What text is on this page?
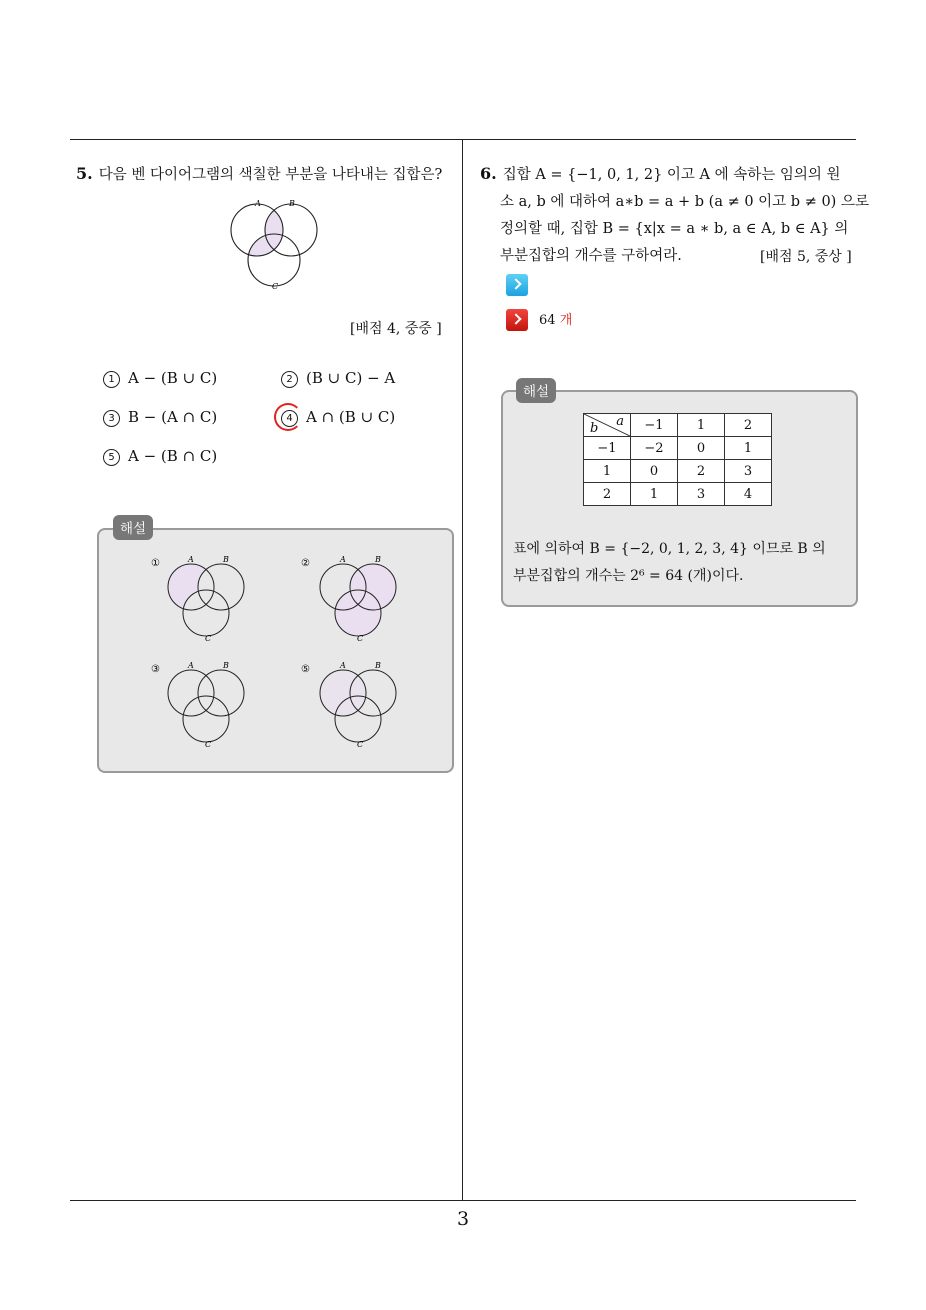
3
5. 다음 벤 다이어그램의 색칠한 부분을 나타내는 집합은?
A	B
C
[배점 4, 중중 ]
1 A − (B ∪ C)	2 (B ∪ C) − A
3 B − (A ∩ C)	4 A ∩ (B ∪ C)
5 A − (B ∩ C)
A	B
C
①	A	B
C
②
A	B
C
③	A	B
C
⑤
해설
6. 집합 A = {−1, 0, 1, 2} 이고 A 에 속하는 임의의 원
소 a, b 에 대하여 a∗b = a + b (a ≠ 0 이고 b ≠ 0) 으로
정의할 때, 집합 B = {x|x = a ∗ b, a ∈ A, b ∈ A} 의
부분집합의 개수를 구하여라.	[배점 5, 중상 ]
64 개
해설
a
b	−1	1	2
−1	−2	0	1
1	0	2	3
2	1	3	4
표에 의하여 B = {−2, 0, 1, 2, 3, 4} 이므로 B 의
부분집합의 개수는 2⁶ = 64 (개)이다.
